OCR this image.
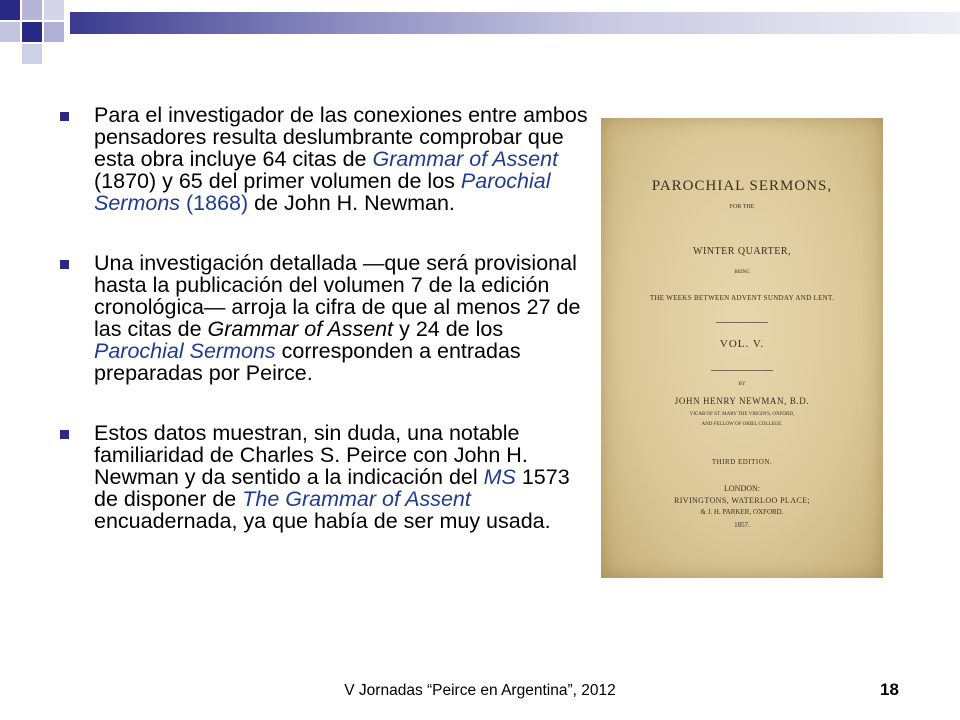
Para el investigador de las conexiones entre ambos pensadores resulta deslumbrante comprobar que esta obra incluye 64 citas de Grammar of Assent (1870) y 65 del primer volumen de los Parochial Sermons (1868) de John H. Newman.
Una investigación detallada —que será provisional hasta la publicación del volumen 7 de la edición cronológica— arroja la cifra de que al menos 27 de las citas de Grammar of Assent y 24 de los Parochial Sermons corresponden a entradas preparadas por Peirce.
Estos datos muestran, sin duda, una notable familiaridad de Charles S. Peirce con John H. Newman y da sentido a la indicación del MS 1573 de disponer de The Grammar of Assent encuadernada, ya que había de ser muy usada.
PAROCHIAL SERMONS,
FOR THE
WINTER QUARTER,
BEING
THE WEEKS BETWEEN ADVENT SUNDAY AND LENT.
VOL. V.
BY
JOHN HENRY NEWMAN, B.D.
VICAR OF ST. MARY THE VIRGIN'S, OXFORD,
AND FELLOW OF ORIEL COLLEGE.
THIRD EDITION.
LONDON:
RIVINGTONS, WATERLOO PLACE;
& J. H. PARKER, OXFORD.
1857.
V Jornadas “Peirce en Argentina”, 2012	18
